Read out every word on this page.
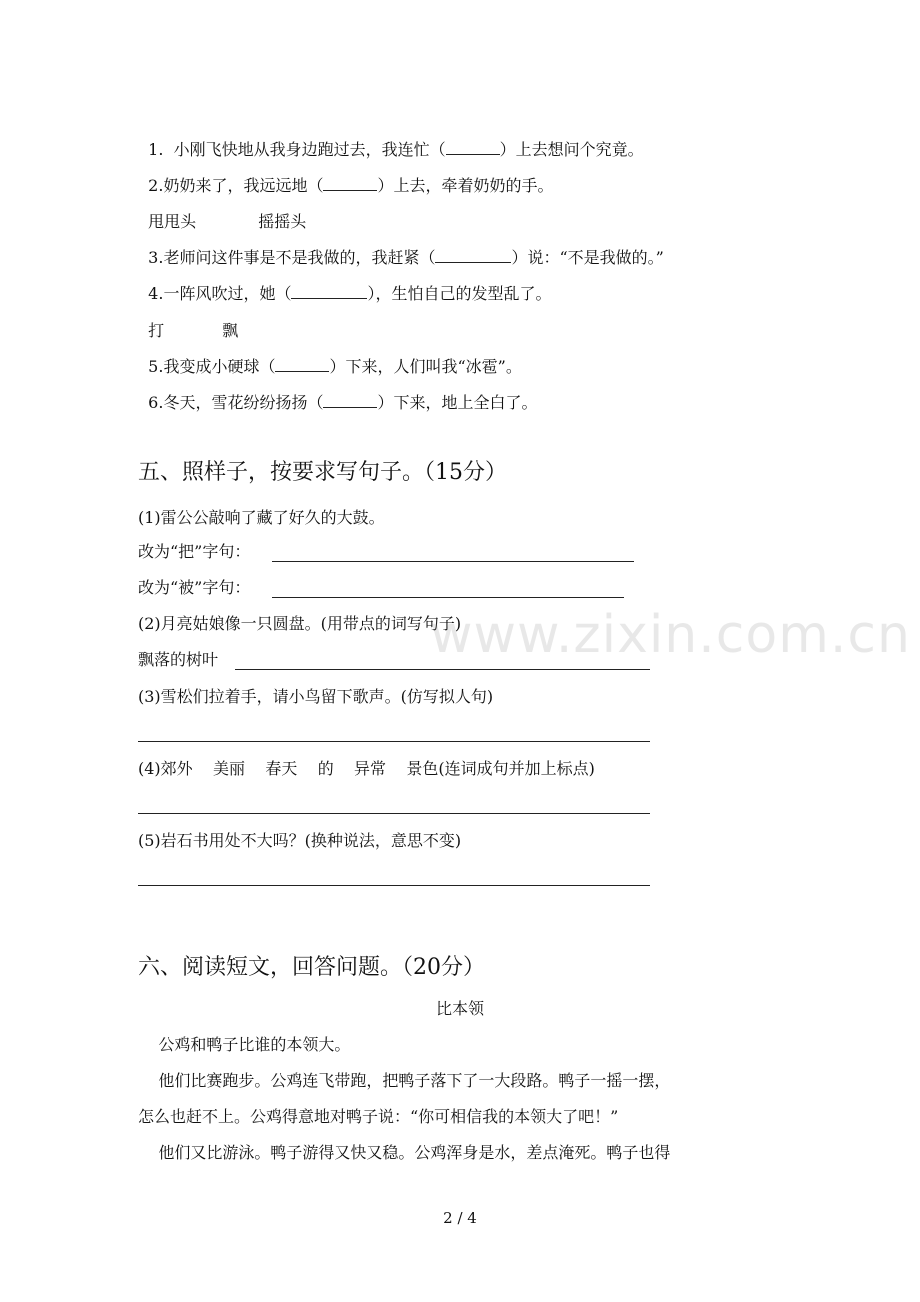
1.  小刚飞快地从我身边跑过去，我连忙（	）上去想问个究竟。

2.奶奶来了，我远远地（	）上去，牵着奶奶的手。

甩甩头	摇摇头

3.老师问这件事是不是我做的，我赶紧（	）说：“不是我做的。”

4.一阵风吹过，她（	），生怕自己的发型乱了。

打	飘

5.我变成小硬球（	）下来，人们叫我“冰雹”。

6.冬天，雪花纷纷扬扬（	）下来，地上全白了。

五、照样子，按要求写句子。（15分）
(1)雷公公敲响了藏了好久的大鼓。
改为“把”字句：
改为“被”字句：
(2)月亮姑娘像一只圆盘。(用带点的词写句子)
飘落的树叶
(3)雪松们拉着手，请小鸟留下歌声。(仿写拟人句)
(4)郊外    美丽    春天    的    异常    景色(连词成句并加上标点)
(5)岩石书用处不大吗？(换种说法，意思不变)
六、阅读短文，回答问题。（20分）
比本领
公鸡和鸭子比谁的本领大。
他们比赛跑步。公鸡连飞带跑，把鸭子落下了一大段路。鸭子一摇一摆，
怎么也赶不上。公鸡得意地对鸭子说：“你可相信我的本领大了吧！”
他们又比游泳。鸭子游得又快又稳。公鸡浑身是水，差点淹死。鸭子也得
2 / 4
www.zixin.com.cn
